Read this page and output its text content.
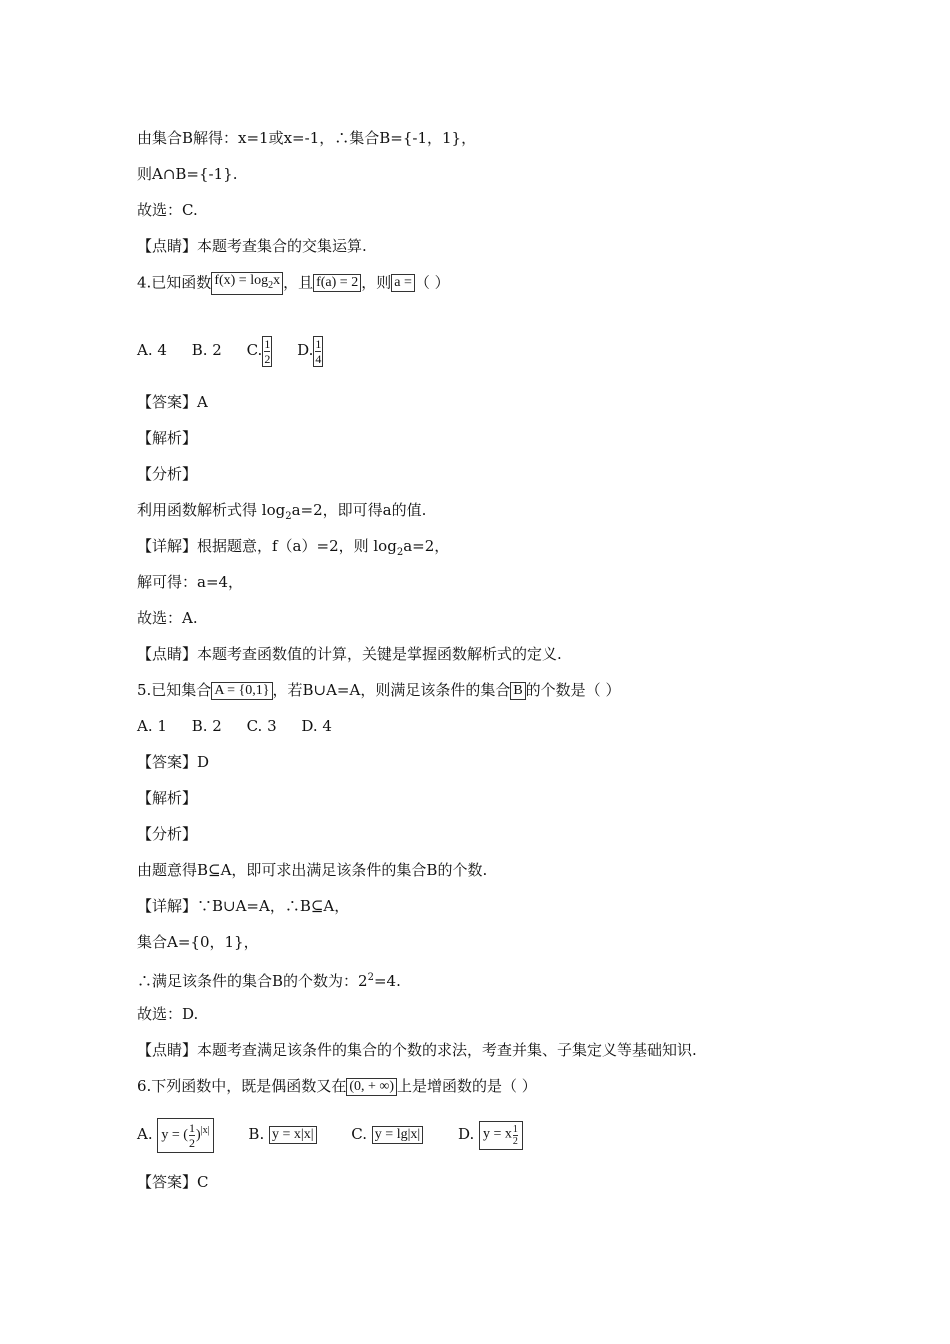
由集合B解得：x=1或x=-1，∴集合B={-1，1}，
则A∩B={-1}.
故选：C.
【点睛】本题考查集合的交集运算.
4.已知函数 $f(x) = \log_2x$ ，且 f(a) = 2 ，则 a = （ ）
A. 4 B. 2 C. $\frac{1}{2} D$. $\frac{1}{4}$
【答案】A
【解析】
【分析】
利用函数解析式得 $\log_2a=2$，即可得a的值.
【详解】根据题意，f（a）=2，则 $\log_2a=2$，
解可得：a=4，
故选：A.
【点睛】本题考查函数值的计算，关键是掌握函数解析式的定义.
5.已知集合 A = {0,1} ，若B∪A=A，则满足该条件的集合 B 的个数是（ ）
A. 1 B. 2 C. 3 D. 4
【答案】D
【解析】
【分析】
由题意得B⊆A，即可求出满足该条件的集合B的个数.
【详解】∵B∪A=A，∴B⊆A，
集合A={0，1}，
∴满足该条件的集合B的个数为：$2^2=4$.
故选：D.
【点睛】本题考查满足该条件的集合的个数的求法，考查并集、子集定义等基础知识.
6.下列函数中，既是偶函数又在 (0, + ∞) 上是增函数的是（ ）
A. y = ( $\frac{1}{2} )^{|x|}$	B. y = x|x|	C. y = lg|x|	D. y = x $\frac{1}{2}$
【答案】C
